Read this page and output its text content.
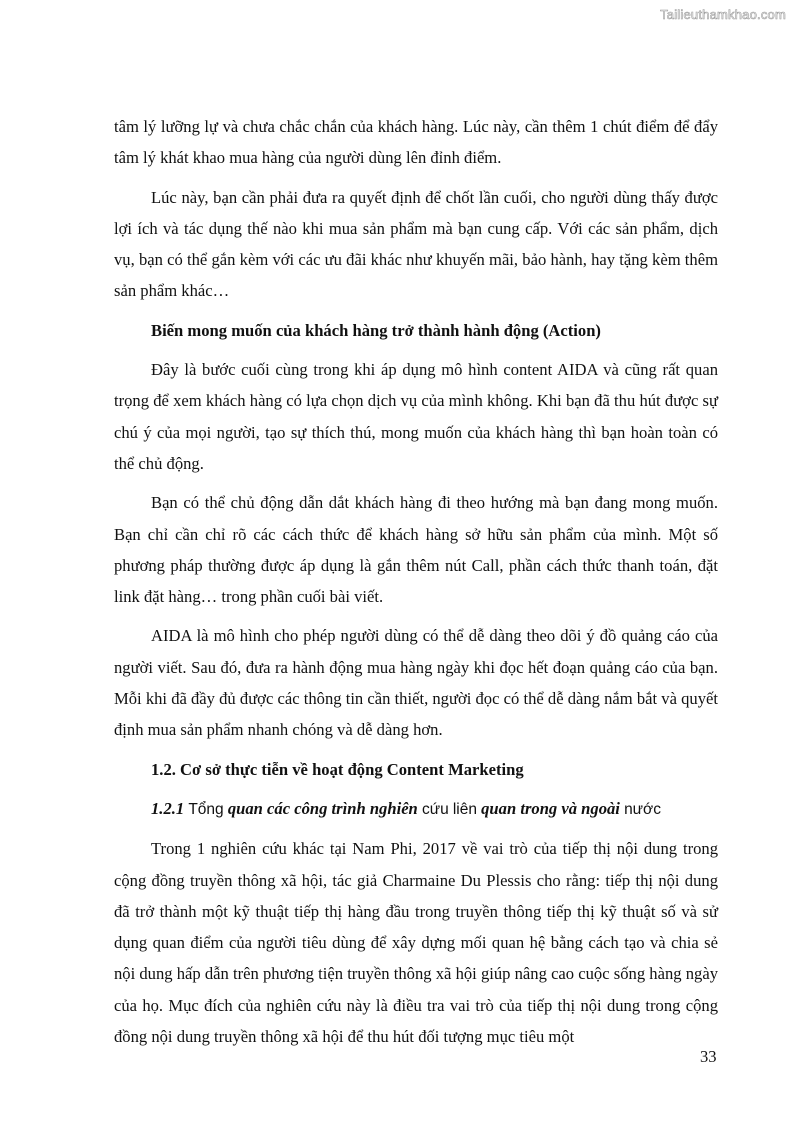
Tailieuthamkhao.com

tâm lý lưỡng lự và chưa chắc chắn của khách hàng. Lúc này, cần thêm 1 chút điểm để đẩy tâm lý khát khao mua hàng của người dùng lên đỉnh điểm.

Lúc này, bạn cần phải đưa ra quyết định để chốt lần cuối, cho người dùng thấy được lợi ích và tác dụng thế nào khi mua sản phẩm mà bạn cung cấp. Với các sản phẩm, dịch vụ, bạn có thể gắn kèm với các ưu đãi khác như khuyến mãi, bảo hành, hay tặng kèm thêm sản phẩm khác…

Biến mong muốn của khách hàng trở thành hành động (Action)

Đây là bước cuối cùng trong khi áp dụng mô hình content AIDA và cũng rất quan trọng để xem khách hàng có lựa chọn dịch vụ của mình không. Khi bạn đã thu hút được sự chú ý của mọi người, tạo sự thích thú, mong muốn của khách hàng thì bạn hoàn toàn có thể chủ động.

Bạn có thể chủ động dẫn dắt khách hàng đi theo hướng mà bạn đang mong muốn. Bạn chỉ cần chỉ rõ các cách thức để khách hàng sở hữu sản phẩm của mình. Một số phương pháp thường được áp dụng là gắn thêm nút Call, phần cách thức thanh toán, đặt link đặt hàng… trong phần cuối bài viết.

AIDA là mô hình cho phép người dùng có thể dễ dàng theo dõi ý đồ quảng cáo của người viết. Sau đó, đưa ra hành động mua hàng ngày khi đọc hết đoạn quảng cáo của bạn. Mỗi khi đã đầy đủ được các thông tin cần thiết, người đọc có thể dễ dàng nắm bắt và quyết định mua sản phẩm nhanh chóng và dễ dàng hơn.

1.2. Cơ sở thực tiễn về hoạt động Content Marketing

1.2.1 Tổng quan các công trình nghiên cứu liên quan trong và ngoài nước

Trong 1 nghiên cứu khác tại Nam Phi, 2017 về vai trò của tiếp thị nội dung trong cộng đồng truyền thông xã hội, tác giả Charmaine Du Plessis cho rằng: tiếp thị nội dung đã trở thành một kỹ thuật tiếp thị hàng đầu trong truyền thông tiếp thị kỹ thuật số và sử dụng quan điểm của người tiêu dùng để xây dựng mối quan hệ bằng cách tạo và chia sẻ nội dung hấp dẫn trên phương tiện truyền thông xã hội giúp nâng cao cuộc sống hàng ngày của họ. Mục đích của nghiên cứu này là điều tra vai trò của tiếp thị nội dung trong cộng đồng nội dung truyền thông xã hội để thu hút đối tượng mục tiêu một

33
